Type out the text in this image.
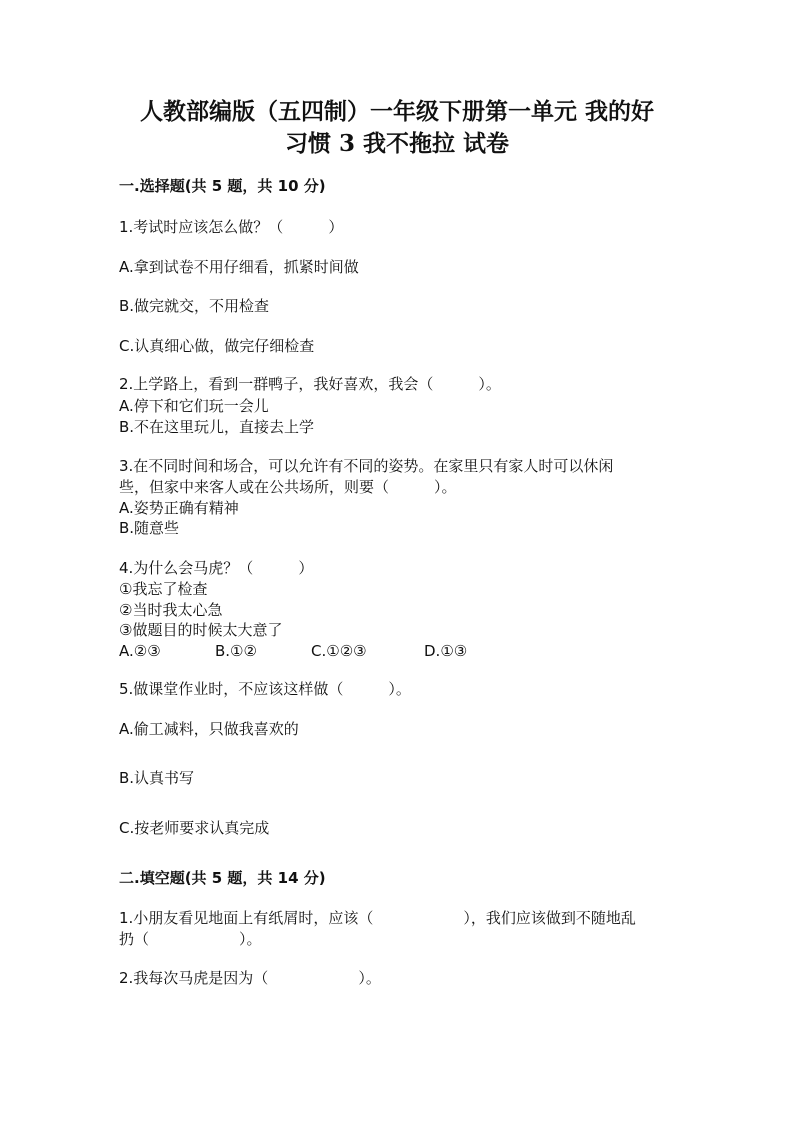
人教部编版（五四制）一年级下册第一单元 我的好
习惯 3 我不拖拉 试卷
一.选择题(共 5 题，共 10 分)
1.考试时应该怎么做？（　　　）
A.拿到试卷不用仔细看，抓紧时间做
B.做完就交，不用检查
C.认真细心做，做完仔细检查
2.上学路上，看到一群鸭子，我好喜欢，我会（　　　）。
A.停下和它们玩一会儿
B.不在这里玩儿，直接去上学
3.在不同时间和场合，可以允许有不同的姿势。在家里只有家人时可以休闲
些，但家中来客人或在公共场所，则要（　　　）。
A.姿势正确有精神
B.随意些
4.为什么会马虎？（　　　）
①我忘了检查
②当时我太心急
③做题目的时候太大意了
A.②③	B.①②	C.①②③	D.①③
5.做课堂作业时，不应该这样做（　　　）。
A.偷工减料，只做我喜欢的
B.认真书写
C.按老师要求认真完成
二.填空题(共 5 题，共 14 分)
1.小朋友看见地面上有纸屑时，应该（　　　　　　），我们应该做到不随地乱
扔（　　　　　　）。
2.我每次马虎是因为（　　　　　　）。
